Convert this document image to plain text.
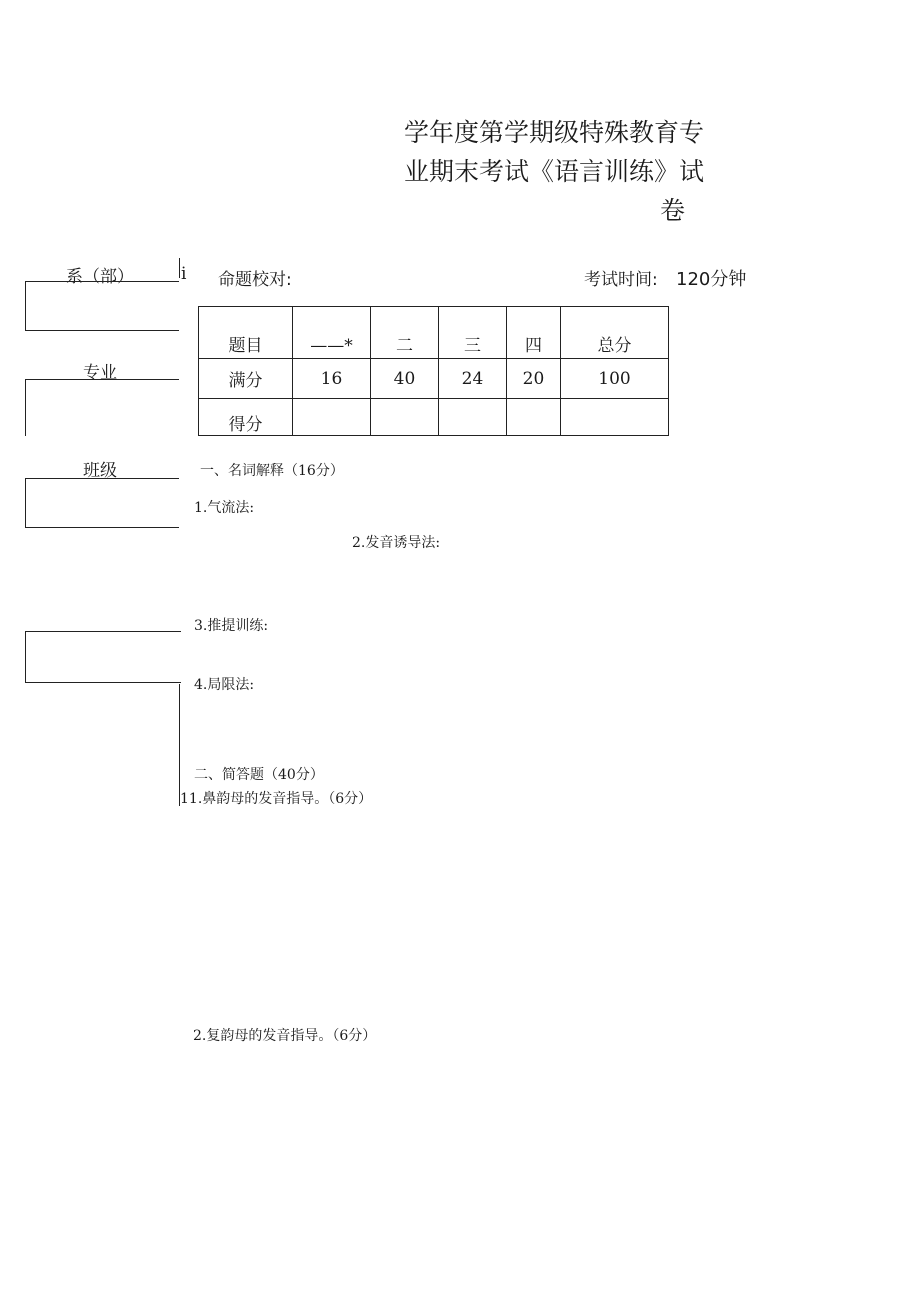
学年度第学期级特殊教育专
业期末考试《语言训练》试
卷
系（部）
专业
班级
i 命题校对:	考试时间: 120分钟
题目	——*	二	三	四	总分
满分	16	40	24	20	100
得分					
一、名词解释（16分）
1.气流法:
2.发音诱导法:
3.推提训练:
4.局限法:
二、简答题（40分）
11.鼻韵母的发音指导。（6分）
2.复韵母的发音指导。（6分）
